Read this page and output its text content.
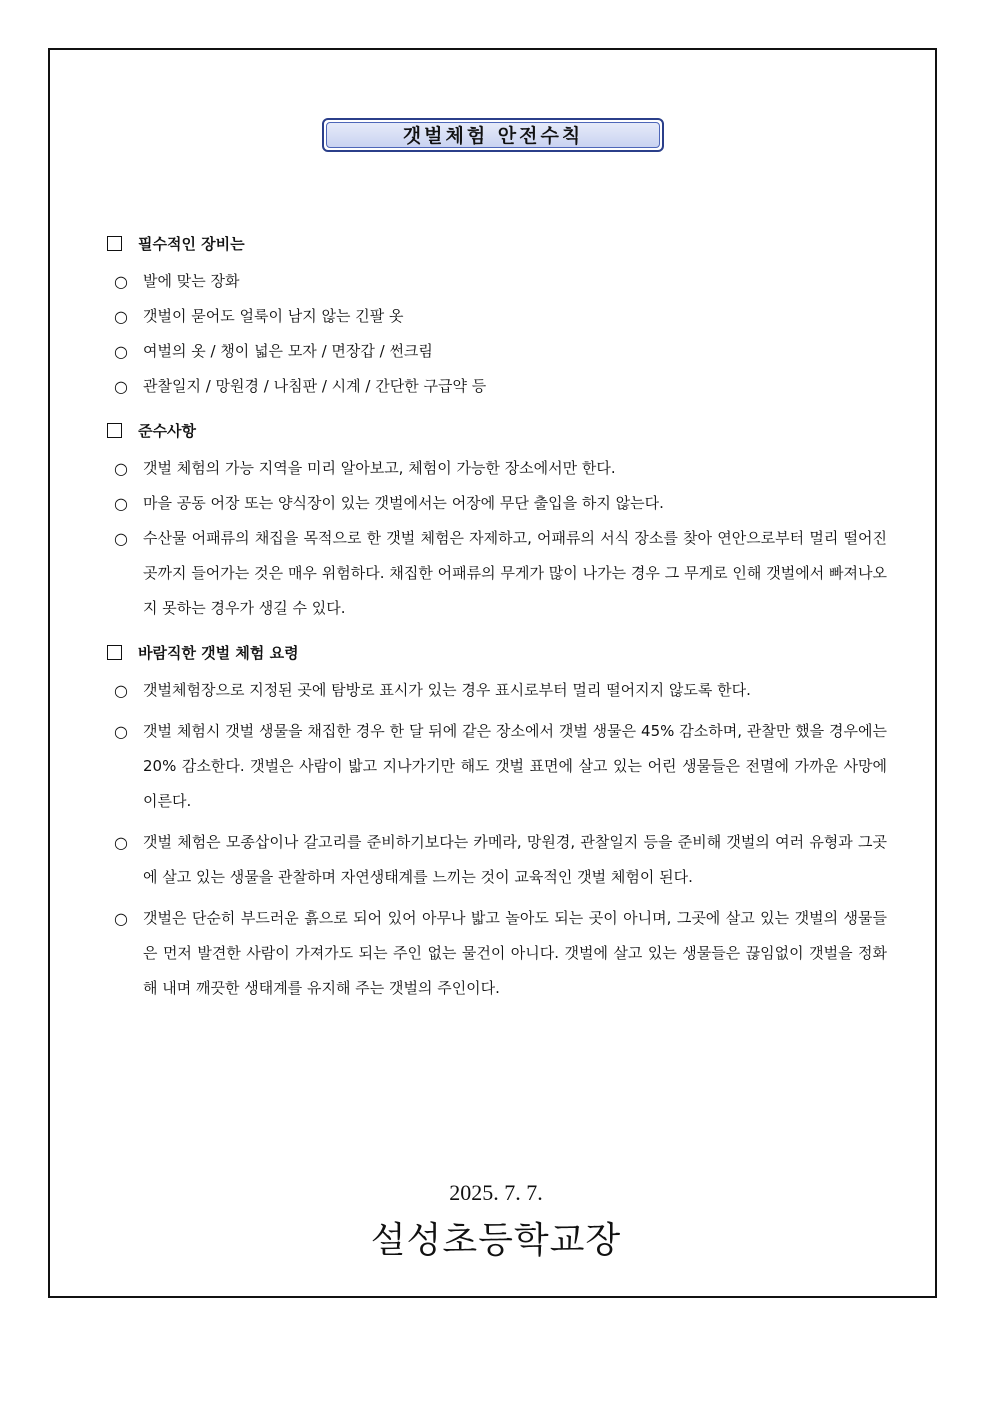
갯벌체험 안전수칙
필수적인 장비는
○ 발에 맞는 장화

○ 갯벌이 묻어도 얼룩이 남지 않는 긴팔 옷

○ 여벌의 옷 / 챙이 넓은 모자 / 면장갑 / 썬크림

○ 관찰일지 / 망원경 / 나침판 / 시계 / 간단한 구급약 등

준수사항
○ 갯벌 체험의 가능 지역을 미리 알아보고, 체험이 가능한 장소에서만 한다.

○ 마을 공동 어장 또는 양식장이 있는 갯벌에서는 어장에 무단 출입을 하지 않는다.

○ 수산물 어패류의 채집을 목적으로 한 갯벌 체험은 자제하고, 어패류의 서식 장소를 찾아 연안으로부터 멀리 떨어진 곳까지 들어가는 것은 매우 위험하다. 채집한 어패류의 무게가 많이 나가는 경우 그 무게로 인해 갯벌에서 빠져나오지 못하는 경우가 생길 수 있다.

바람직한 갯벌 체험 요령
○ 갯벌체험장으로 지정된 곳에 탐방로 표시가 있는 경우 표시로부터 멀리 떨어지지 않도록 한다.

○ 갯벌 체험시 갯벌 생물을 채집한 경우 한 달 뒤에 같은 장소에서 갯벌 생물은 45% 감소하며, 관찰만 했을 경우에는 20% 감소한다. 갯벌은 사람이 밟고 지나가기만 해도 갯벌 표면에 살고 있는 어린 생물들은 전멸에 가까운 사망에 이른다.

○ 갯벌 체험은 모종삽이나 갈고리를 준비하기보다는 카메라, 망원경, 관찰일지 등을 준비해 갯벌의 여러 유형과 그곳에 살고 있는 생물을 관찰하며 자연생태계를 느끼는 것이 교육적인 갯벌 체험이 된다.

○ 갯벌은 단순히 부드러운 흙으로 되어 있어 아무나 밟고 놀아도 되는 곳이 아니며, 그곳에 살고 있는 갯벌의 생물들은 먼저 발견한 사람이 가져가도 되는 주인 없는 물건이 아니다. 갯벌에 살고 있는 생물들은 끊임없이 갯벌을 정화해 내며 깨끗한 생태계를 유지해 주는 갯벌의 주인이다.

2025. 7. 7.
설성초등학교장
